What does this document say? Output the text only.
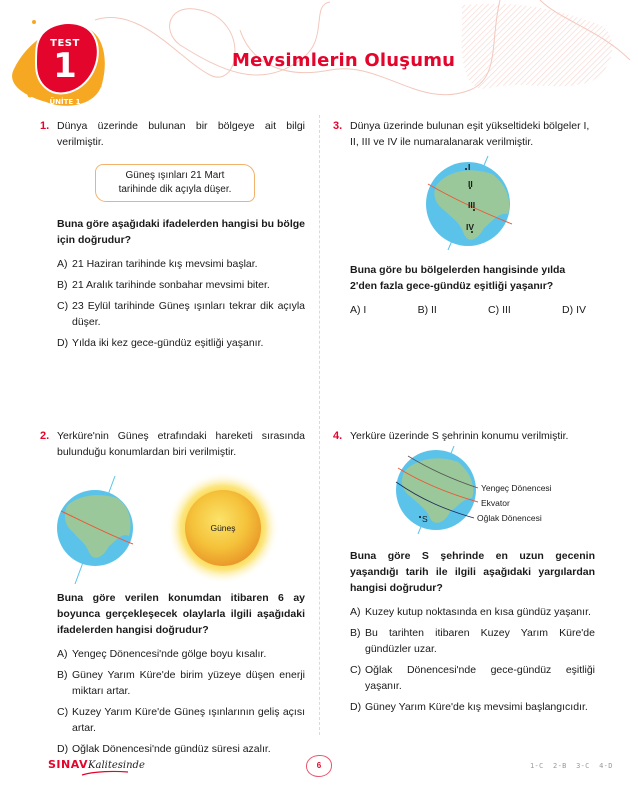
TEST
1
ÜNİTE 1
Mevsimlerin Oluşumu
1. Dünya üzerinde bulunan bir bölgeye ait bilgi verilmiştir.
Güneş ışınları 21 Mart
tarihinde dik açıyla düşer.
Buna göre aşağıdaki ifadelerden hangisi bu bölge için doğrudur?
A) 21 Haziran tarihinde kış mevsimi başlar.
B) 21 Aralık tarihinde sonbahar mevsimi biter.
C) 23 Eylül tarihinde Güneş ışınları tekrar dik açıyla düşer.
D) Yılda iki kez gece-gündüz eşitliği yaşanır.
2. Yerküre'nin Güneş etrafındaki hareketi sırasında bulunduğu konumlardan biri verilmiştir.
Güneş
Buna göre verilen konumdan itibaren 6 ay boyunca gerçekleşecek olaylarla ilgili aşağıdaki ifadelerden hangisi doğrudur?
A) Yengeç Dönencesi'nde gölge boyu kısalır.
B) Güney Yarım Küre'de birim yüzeye düşen enerji miktarı artar.
C) Kuzey Yarım Küre'de Güneş ışınlarının geliş açısı artar.
D) Oğlak Dönencesi'nde gündüz süresi azalır.
3. Dünya üzerinde bulunan eşit yükseltideki bölgeler I, II, III ve IV ile numaralanarak verilmiştir.
I
II
III
IV
Buna göre bu bölgelerden hangisinde yılda 2'den fazla gece-gündüz eşitliği yaşanır?
A) I	B) II	C) III	D) IV
4. Yerküre üzerinde S şehrinin konumu verilmiştir.
S
Yengeç Dönencesi
Ekvator
Oğlak Dönencesi
Buna göre S şehrinde en uzun gecenin yaşandığı tarih ile ilgili aşağıdaki yargılardan hangisi doğrudur?
A) Kuzey kutup noktasında en kısa gündüz yaşanır.
B) Bu tarihten itibaren Kuzey Yarım Küre'de gündüzler uzar.
C) Oğlak Dönencesi'nde gece-gündüz eşitliği yaşanır.
D) Güney Yarım Küre'de kış mevsimi başlangıcıdır.
SINAVKalitesinde	6	1-C 2-B 3-C 4-D
